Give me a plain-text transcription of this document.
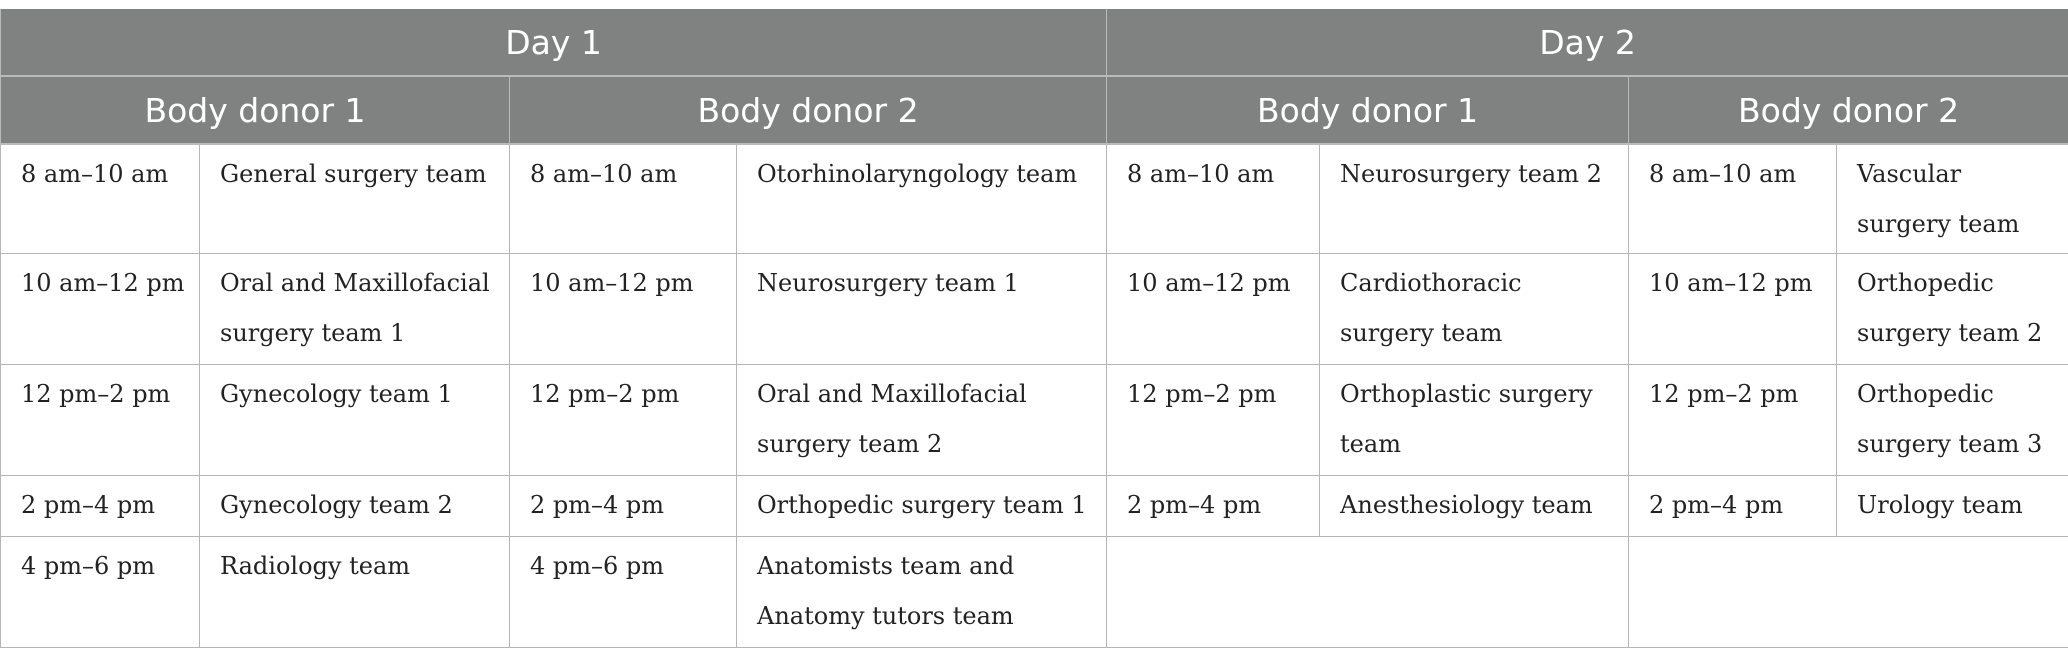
Day 1				Day 2			
Body donor 1		Body donor 2		Body donor 1		Body donor 2	
8 am–10 am	General surgery team	8 am–10 am	Otorhinolaryngology team	8 am–10 am	Neurosurgery team 2	8 am–10 am	Vascular surgery team
10 am–12 pm	Oral and Maxillofacial surgery team 1	10 am–12 pm	Neurosurgery team 1	10 am–12 pm	Cardiothoracic surgery team	10 am–12 pm	Orthopedic surgery team 2
12 pm–2 pm	Gynecology team 1	12 pm–2 pm	Oral and Maxillofacial surgery team 2	12 pm–2 pm	Orthoplastic surgery team	12 pm–2 pm	Orthopedic surgery team 3
2 pm–4 pm	Gynecology team 2	2 pm–4 pm	Orthopedic surgery team 1	2 pm–4 pm	Anesthesiology team	2 pm–4 pm	Urology team
4 pm–6 pm	Radiology team	4 pm–6 pm	Anatomists team and Anatomy tutors team				
